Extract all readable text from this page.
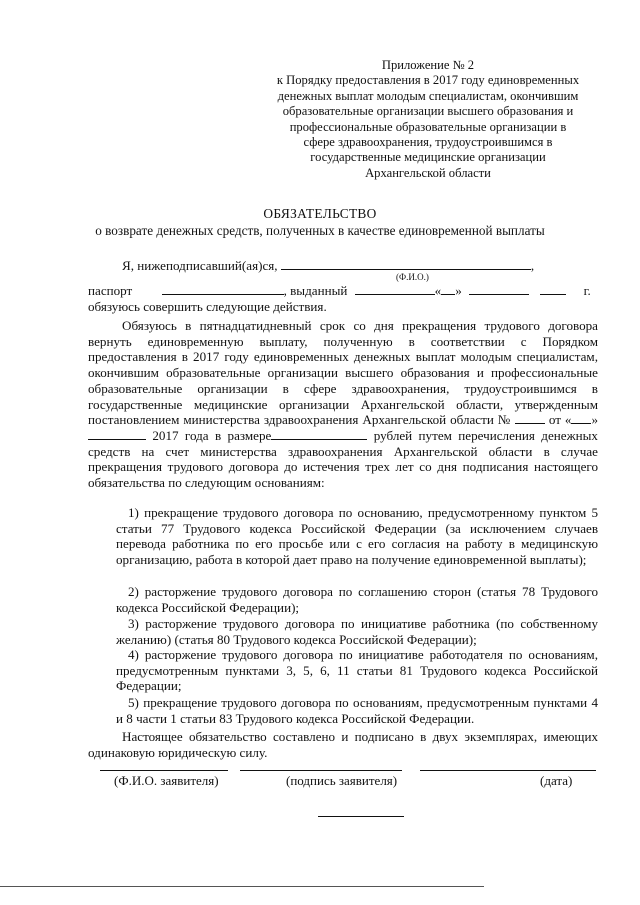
Приложение № 2
к Порядку предоставления в 2017 году единовременных
денежных выплат молодым специалистам, окончившим
образовательные организации высшего образования и
профессиональные образовательные организации в
сфере здравоохранения, трудоустроившимся в
государственные медицинские организации
Архангельской области
ОБЯЗАТЕЛЬСТВО
о возврате денежных средств, полученных в качестве единовременной выплаты
Я, нижеподписавший(ая)ся,	,
(Ф.И.О.)
паспорт	, выданный	« »	г.
обязуюсь совершить следующие действия.
Обязуюсь в пятнадцатидневный срок со дня прекращения трудового договора вернуть единовременную выплату, полученную в соответствии с Порядком предоставления в 2017 году единовременных денежных выплат молодым специалистам, окончившим образовательные организации высшего образования и профессиональные образовательные организации в сфере здравоохранения, трудоустроившимся в государственные медицинские организации Архангельской области, утвержденным постановлением министерства здравоохранения Архангельской области №	от « »  2017 года в размере	рублей путем перечисления денежных средств на счет министерства здравоохранения Архангельской области в случае прекращения трудового договора до истечения трех лет со дня подписания настоящего обязательства по следующим основаниям:
1) прекращение трудового договора по основанию, предусмотренному пунктом 5 статьи 77 Трудового кодекса Российской Федерации (за исключением случаев перевода работника по его просьбе или с его согласия на работу в медицинскую организацию, работа в которой дает право на получение единовременной выплаты);
2) расторжение трудового договора по соглашению сторон (статья 78 Трудового кодекса Российской Федерации);
3) расторжение трудового договора по инициативе работника (по собственному желанию) (статья 80 Трудового кодекса Российской Федерации);
4) расторжение трудового договора по инициативе работодателя по основаниям, предусмотренным пунктами 3, 5, 6, 11 статьи 81 Трудового кодекса Российской Федерации;
5) прекращение трудового договора по основаниям, предусмотренным пунктами 4 и 8 части 1 статьи 83 Трудового кодекса Российской Федерации.
Настоящее обязательство составлено и подписано в двух экземплярах, имеющих одинаковую юридическую силу.
(Ф.И.О. заявителя)	(подпись заявителя)	(дата)
